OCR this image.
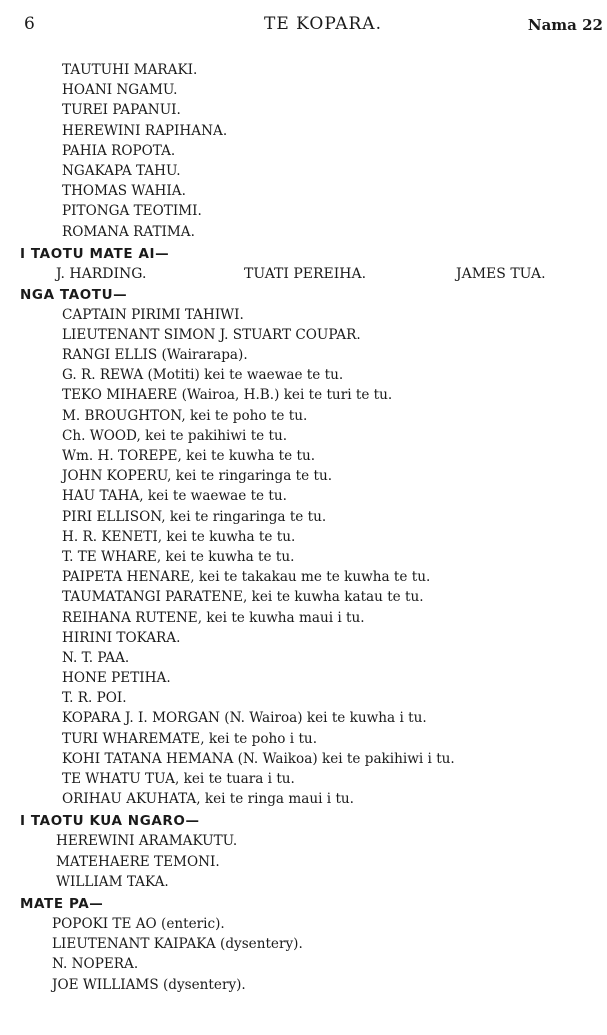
6	TE KOPARA.	Nama 22
TAUTUHI MARAKI.
HOANI NGAMU.
TUREI PAPANUI.
HEREWINI RAPIHANA.
PAHIA ROPOTA.
NGAKAPA TAHU.
THOMAS WAHIA.
PITONGA TEOTIMI.
ROMANA RATIMA.
I TAOTU MATE AI—
J. HARDING.	TUATI PEREIHA.	JAMES TUA.
NGA TAOTU—
CAPTAIN PIRIMI TAHIWI.
LIEUTENANT SIMON J. STUART COUPAR.
RANGI ELLIS (Wairarapa).
G. R. REWA (Motiti) kei te waewae te tu.
TEKO MIHAERE (Wairoa, H.B.) kei te turi te tu.
M. BROUGHTON, kei te poho te tu.
Ch. WOOD, kei te pakihiwi te tu.
Wm. H. TOREPE, kei te kuwha te tu.
JOHN KOPERU, kei te ringaringa te tu.
HAU TAHA, kei te waewae te tu.
PIRI ELLISON, kei te ringaringa te tu.
H. R. KENETI, kei te kuwha te tu.
T. TE WHARE, kei te kuwha te tu.
PAIPETA HENARE, kei te takakau me te kuwha te tu.
TAUMATANGI PARATENE, kei te kuwha katau te tu.
REIHANA RUTENE, kei te kuwha maui i tu.
HIRINI TOKARA.
N. T. PAA.
HONE PETIHA.
T. R. POI.
KOPARA J. I. MORGAN (N. Wairoa) kei te kuwha i tu.
TURI WHAREMATE, kei te poho i tu.
KOHI TATANA HEMANA (N. Waikoa) kei te pakihiwi i tu.
TE WHATU TUA, kei te tuara i tu.
ORIHAU AKUHATA, kei te ringa maui i tu.
I TAOTU KUA NGARO—
HEREWINI ARAMAKUTU.
MATEHAERE TEMONI.
WILLIAM TAKA.
MATE PA—
POPOKI TE AO (enteric).
LIEUTENANT KAIPAKA (dysentery).
N. NOPERA.
JOE WILLIAMS (dysentery).
